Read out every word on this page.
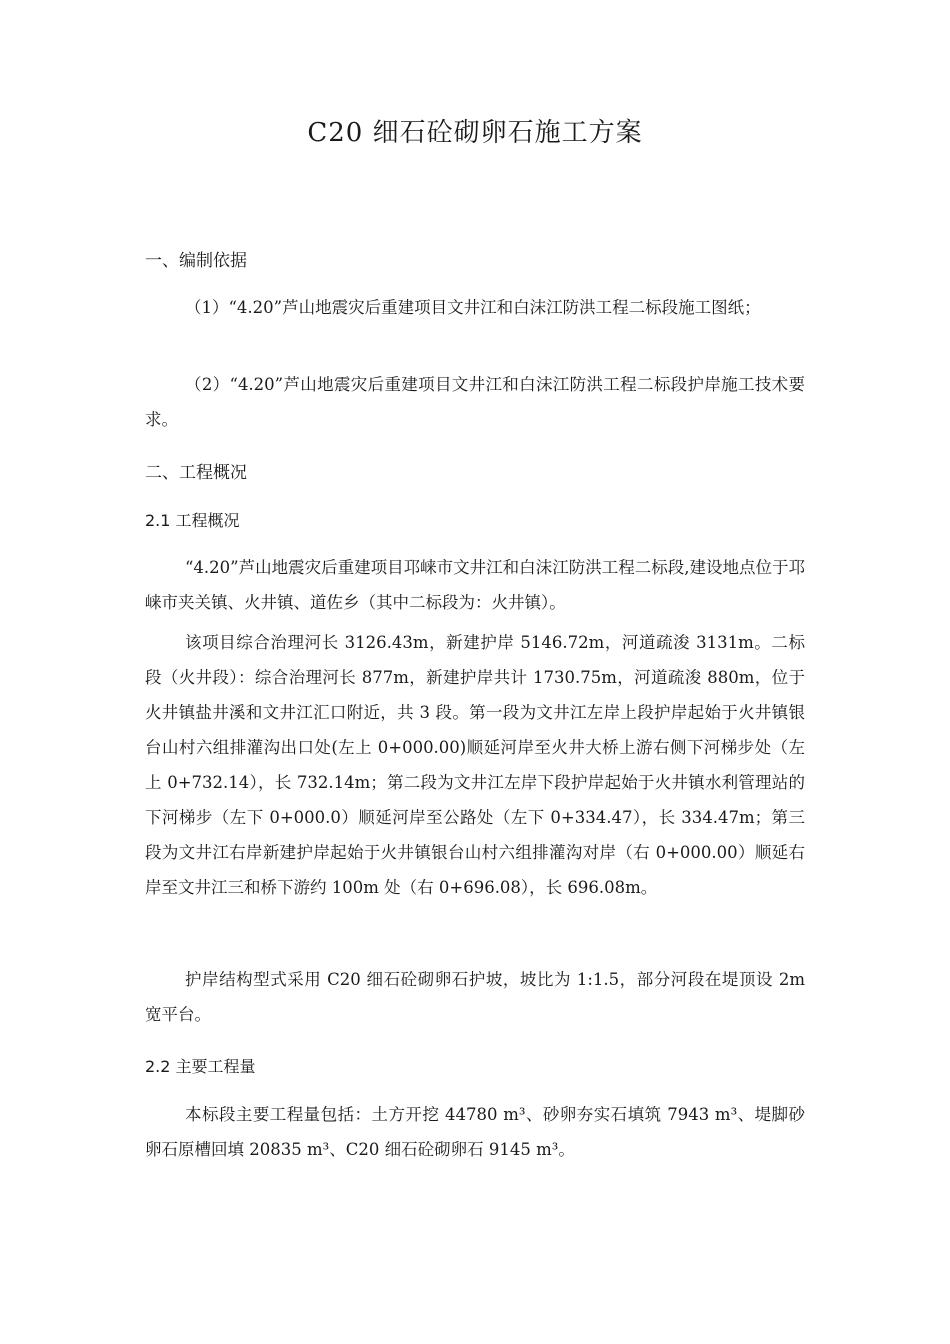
C20 细石砼砌卵石施工方案
一、编制依据

（1）“4.20”芦山地震灾后重建项目文井江和白沫江防洪工程二标段施工图纸；

（2）“4.20”芦山地震灾后重建项目文井江和白沫江防洪工程二标段护岸施工技术要求。

二、工程概况
2.1 工程概况

“4.20”芦山地震灾后重建项目邛崃市文井江和白沫江防洪工程二标段,建设地点位于邛崃市夹关镇、火井镇、道佐乡（其中二标段为：火井镇）。

该项目综合治理河长 3126.43m，新建护岸 5146.72m，河道疏浚 3131m。二标段（火井段）：综合治理河长 877m，新建护岸共计 1730.75m，河道疏浚 880m，位于火井镇盐井溪和文井江汇口附近，共 3 段。第一段为文井江左岸上段护岸起始于火井镇银台山村六组排灌沟出口处(左上 0+000.00)顺延河岸至火井大桥上游右侧下河梯步处（左上 0+732.14），长 732.14m；第二段为文井江左岸下段护岸起始于火井镇水利管理站的下河梯步（左下 0+000.0）顺延河岸至公路处（左下 0+334.47），长 334.47m；第三段为文井江右岸新建护岸起始于火井镇银台山村六组排灌沟对岸（右 0+000.00）顺延右岸至文井江三和桥下游约 100m 处（右 0+696.08），长 696.08m。

护岸结构型式采用 C20 细石砼砌卵石护坡，坡比为 1:1.5，部分河段在堤顶设 2m 宽平台。

2.2 主要工程量

本标段主要工程量包括：土方开挖 44780 m³、砂卵夯实石填筑 7943 m³、堤脚砂卵石原槽回填 20835 m³、C20 细石砼砌卵石 9145 m³。
